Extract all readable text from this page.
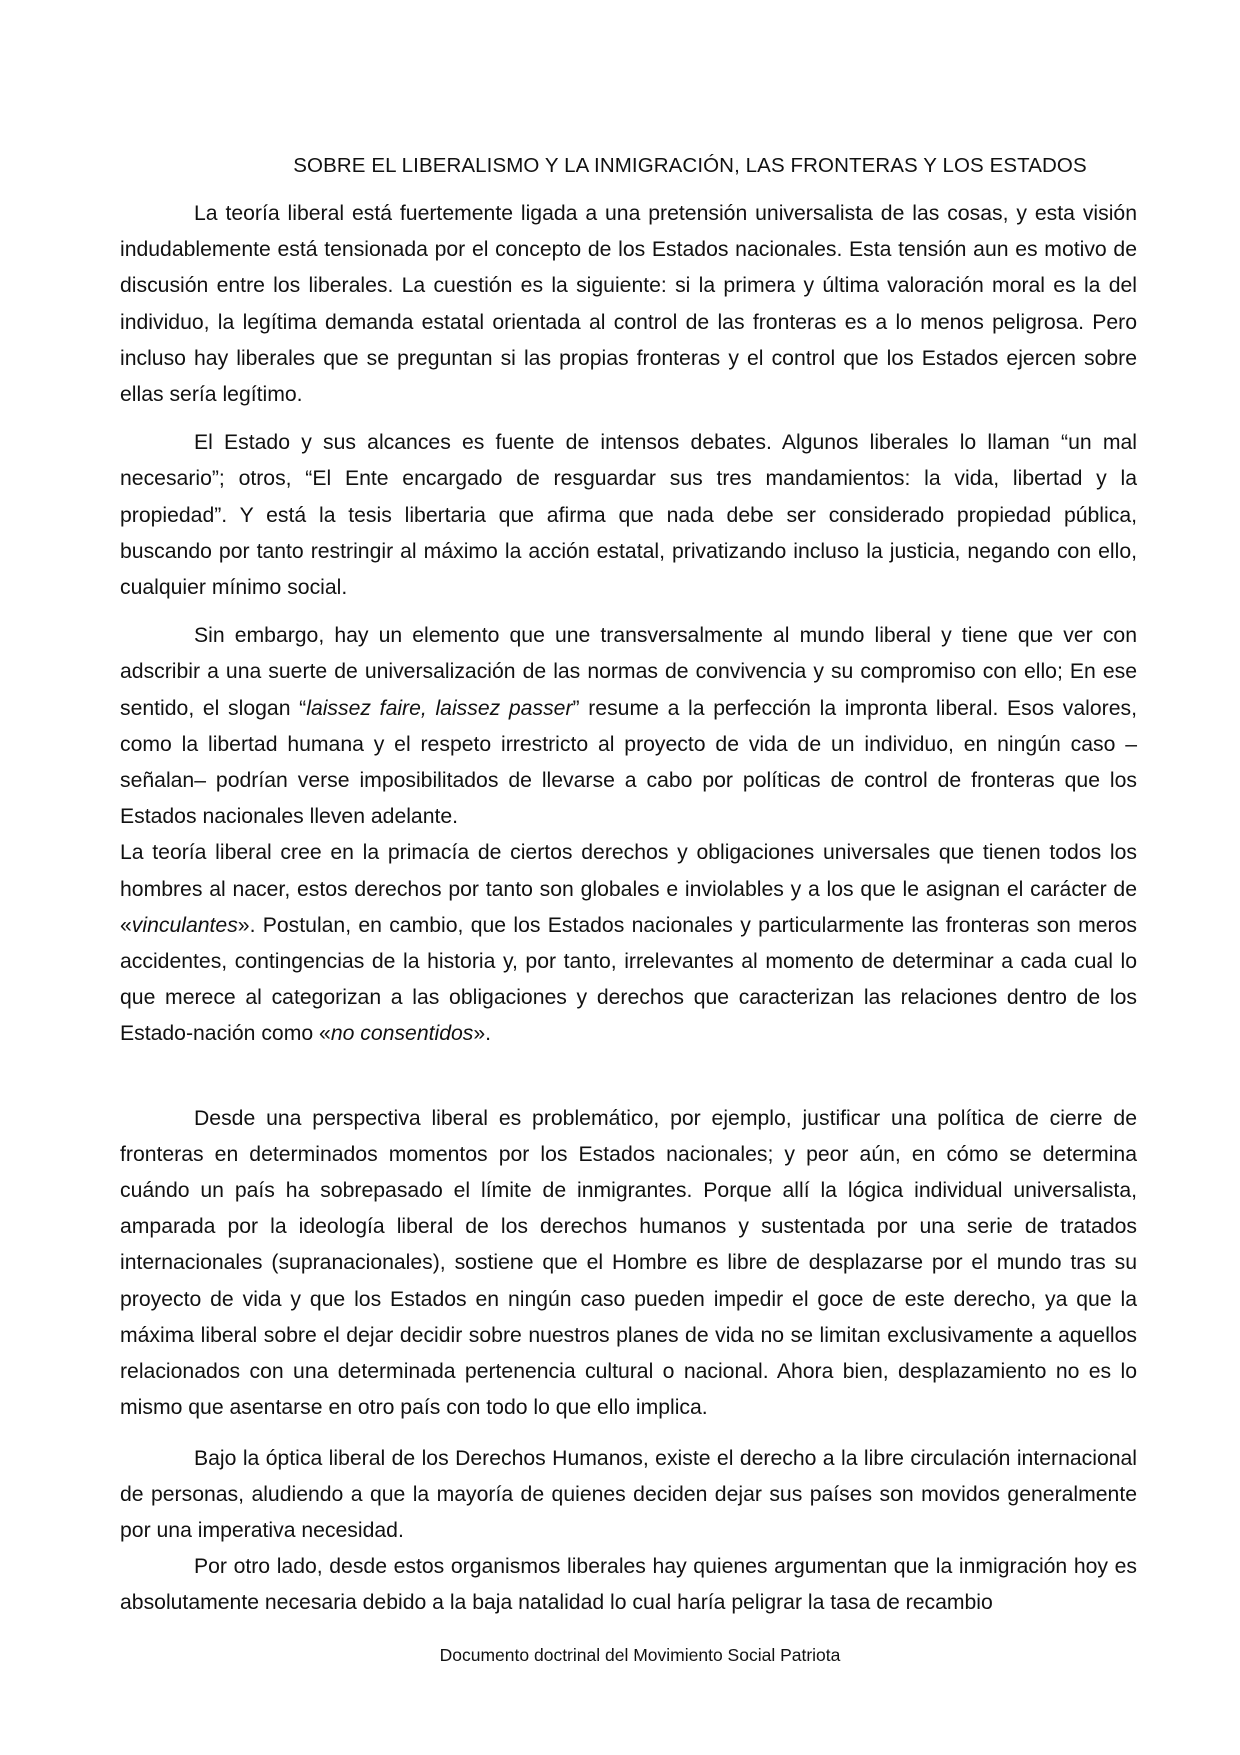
SOBRE EL LIBERALISMO Y LA INMIGRACIÓN, LAS FRONTERAS Y LOS ESTADOS

La teoría liberal está fuertemente ligada a una pretensión universalista de las cosas, y esta visión indudablemente está tensionada por el concepto de los Estados nacionales. Esta tensión aun es motivo de discusión entre los liberales. La cuestión es la siguiente: si la primera y última valoración moral es la del individuo, la legítima demanda estatal orientada al control de las fronteras es a lo menos peligrosa. Pero incluso hay liberales que se preguntan si las propias fronteras y el control que los Estados ejercen sobre ellas sería legítimo.

El Estado y sus alcances es fuente de intensos debates. Algunos liberales lo llaman “un mal necesario”; otros, “El Ente encargado de resguardar sus tres mandamientos: la vida, libertad y la propiedad”. Y está la tesis libertaria que afirma que nada debe ser considerado propiedad pública, buscando por tanto restringir al máximo la acción estatal, privatizando incluso la justicia, negando con ello, cualquier mínimo social.

Sin embargo, hay un elemento que une transversalmente al mundo liberal y tiene que ver con adscribir a una suerte de universalización de las normas de convivencia y su compromiso con ello; En ese sentido, el slogan “laissez faire, laissez passer” resume a la perfección la impronta liberal. Esos valores, como la libertad humana y el respeto irrestricto al proyecto de vida de un individuo, en ningún caso –señalan– podrían verse imposibilitados de llevarse a cabo por políticas de control de fronteras que los Estados nacionales lleven adelante.

La teoría liberal cree en la primacía de ciertos derechos y obligaciones universales que tienen todos los hombres al nacer, estos derechos por tanto son globales e inviolables y a los que le asignan el carácter de «vinculantes». Postulan, en cambio, que los Estados nacionales y particularmente las fronteras son meros accidentes, contingencias de la historia y, por tanto, irrelevantes al momento de determinar a cada cual lo que merece al categorizan a las obligaciones y derechos que caracterizan las relaciones dentro de los Estado-nación como «no consentidos».

Desde una perspectiva liberal es problemático, por ejemplo, justificar una política de cierre de fronteras en determinados momentos por los Estados nacionales; y peor aún, en cómo se determina cuándo un país ha sobrepasado el límite de inmigrantes. Porque allí la lógica individual universalista, amparada por la ideología liberal de los derechos humanos y sustentada por una serie de tratados internacionales (supranacionales), sostiene que el Hombre es libre de desplazarse por el mundo tras su proyecto de vida y que los Estados en ningún caso pueden impedir el goce de este derecho, ya que la máxima liberal sobre el dejar decidir sobre nuestros planes de vida no se limitan exclusivamente a aquellos relacionados con una determinada pertenencia cultural o nacional. Ahora bien, desplazamiento no es lo mismo que asentarse en otro país con todo lo que ello implica.

Bajo la óptica liberal de los Derechos Humanos, existe el derecho a la libre circulación internacional de personas, aludiendo a que la mayoría de quienes deciden dejar sus países son movidos generalmente por una imperativa necesidad.

Por otro lado, desde estos organismos liberales hay quienes argumentan que la inmigración hoy es absolutamente necesaria debido a la baja natalidad lo cual haría peligrar la tasa de recambio

Documento doctrinal del Movimiento Social Patriota
